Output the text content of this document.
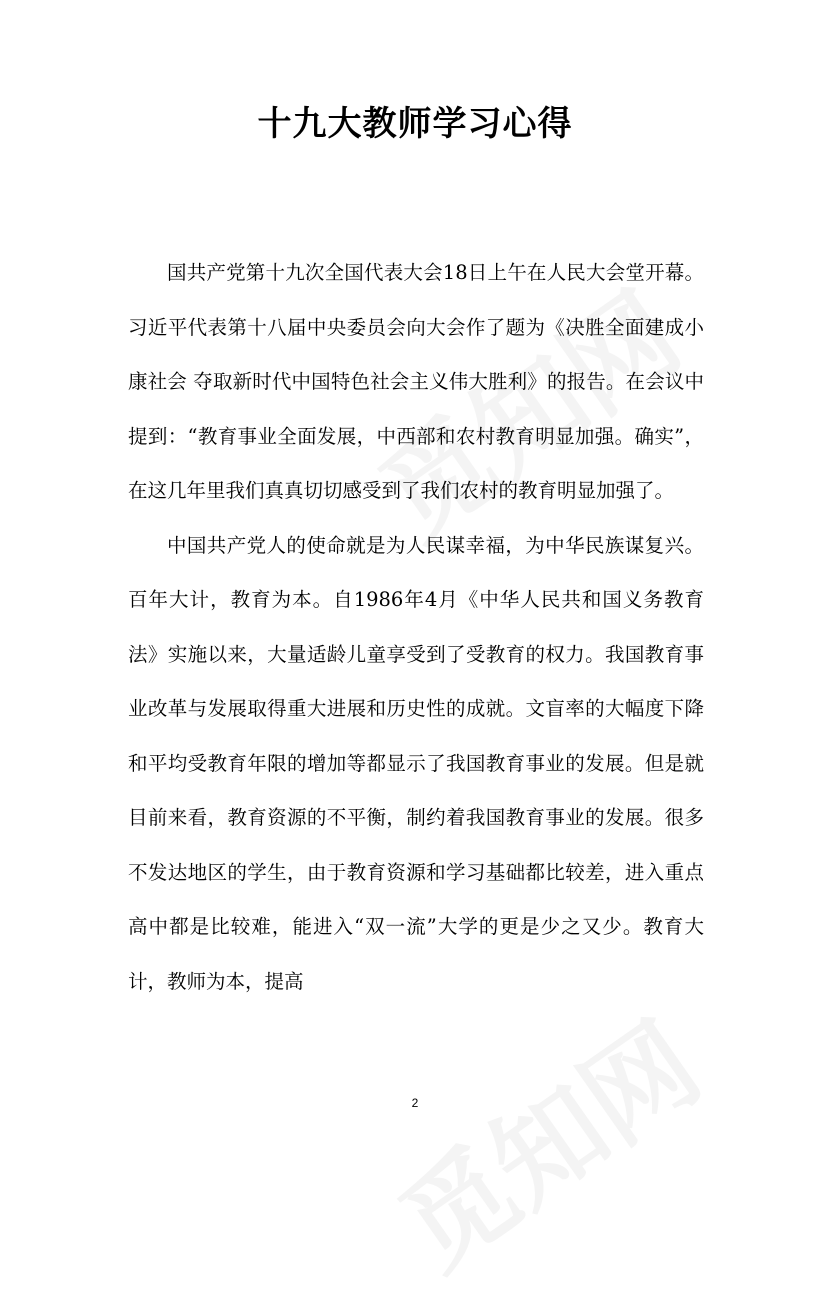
十九大教师学习心得

国共产党第十九次全国代表大会18日上午在人民大会堂开幕。习近平代表第十八届中央委员会向大会作了题为《决胜全面建成小康社会 夺取新时代中国特色社会主义伟大胜利》的报告。在会议中提到：“教育事业全面发展，中西部和农村教育明显加强。确实”，在这几年里我们真真切切感受到了我们农村的教育明显加强了。

中国共产党人的使命就是为人民谋幸福，为中华民族谋复兴。百年大计，教育为本。自1986年4月《中华人民共和国义务教育法》实施以来，大量适龄儿童享受到了受教育的权力。我国教育事业改革与发展取得重大进展和历史性的成就。文盲率的大幅度下降和平均受教育年限的增加等都显示了我国教育事业的发展。但是就目前来看，教育资源的不平衡，制约着我国教育事业的发展。很多不发达地区的学生，由于教育资源和学习基础都比较差，进入重点高中都是比较难，能进入“双一流”大学的更是少之又少。教育大计，教师为本，提高

2
